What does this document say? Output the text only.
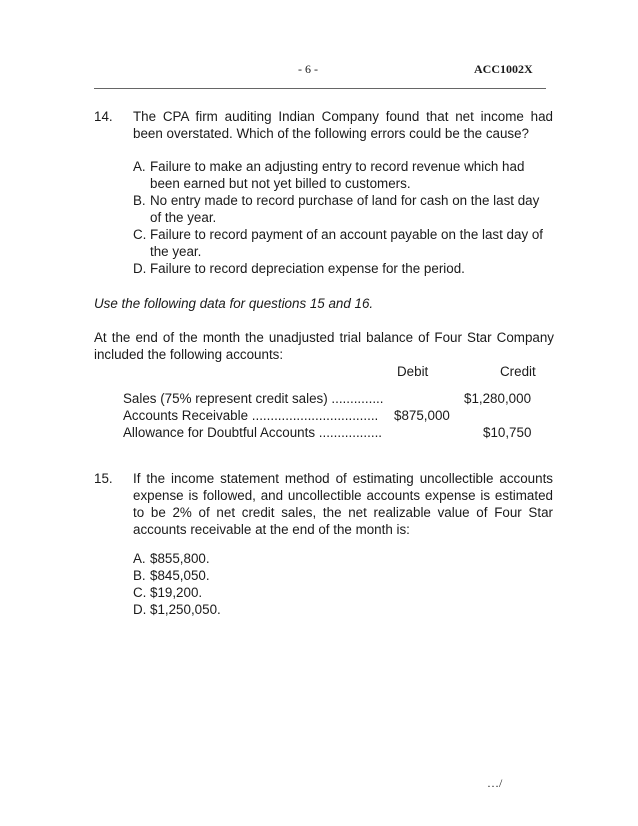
- 6 -	ACC1002X
14. The CPA firm auditing Indian Company found that net income had been overstated. Which of the following errors could be the cause?
A. Failure to make an adjusting entry to record revenue which had
been earned but not yet billed to customers.
B. No entry made to record purchase of land for cash on the last day
of the year.
C. Failure to record payment of an account payable on the last day of
the year.
D. Failure to record depreciation expense for the period.
Use the following data for questions 15 and 16.
At the end of the month the unadjusted trial balance of Four Star Company included the following accounts:
Debit	Credit
Sales (75% represent credit sales) ..............	$1,280,000
Accounts Receivable .................................. $875,000
Allowance for Doubtful Accounts .................	$10,750
15. If the income statement method of estimating uncollectible accounts expense is followed, and uncollectible accounts expense is estimated to be 2% of net credit sales, the net realizable value of Four Star accounts receivable at the end of the month is:
A. $855,800.
B. $845,050.
C. $19,200.
D. $1,250,050.
…/
